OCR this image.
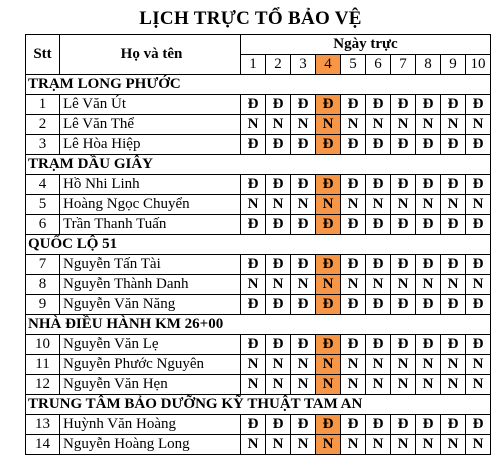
LỊCH TRỰC TỔ BẢO VỆ
Stt	Họ và tên	Ngày trực									
		1	2	3	4	5	6	7	8	9	10
TRẠM LONG PHƯỚC											
1	Lê Văn Út	Đ	Đ	Đ	Đ	Đ	Đ	Đ	Đ	Đ	Đ
2	Lê Văn Thể	N	N	N	N	N	N	N	N	N	N
3	Lê Hòa Hiệp	Đ	Đ	Đ	Đ	Đ	Đ	Đ	Đ	Đ	Đ
TRẠM DẦU GIÂY											
4	Hồ Nhi Linh	Đ	Đ	Đ	Đ	Đ	Đ	Đ	Đ	Đ	Đ
5	Hoàng Ngọc Chuyển	N	N	N	N	N	N	N	N	N	N
6	Trần Thanh Tuấn	Đ	Đ	Đ	Đ	Đ	Đ	Đ	Đ	Đ	Đ
QUỐC LỘ 51											
7	Nguyễn Tấn Tài	Đ	Đ	Đ	Đ	Đ	Đ	Đ	Đ	Đ	Đ
8	Nguyễn Thành Danh	N	N	N	N	N	N	N	N	N	N
9	Nguyễn Văn Năng	Đ	Đ	Đ	Đ	Đ	Đ	Đ	Đ	Đ	Đ
NHÀ ĐIỀU HÀNH KM 26+00											
10	Nguyễn Văn Lẹ	Đ	Đ	Đ	Đ	Đ	Đ	Đ	Đ	Đ	Đ
11	Nguyễn Phước Nguyên	N	N	N	N	N	N	N	N	N	N
12	Nguyễn Văn Hẹn	N	N	N	N	N	N	N	N	N	N
TRUNG TÂM BẢO DƯỠNG KỸ THUẬT TAM AN											
13	Huỳnh Văn Hoàng	Đ	Đ	Đ	Đ	Đ	Đ	Đ	Đ	Đ	Đ
14	Nguyễn Hoàng Long	N	N	N	N	N	N	N	N	N	N
